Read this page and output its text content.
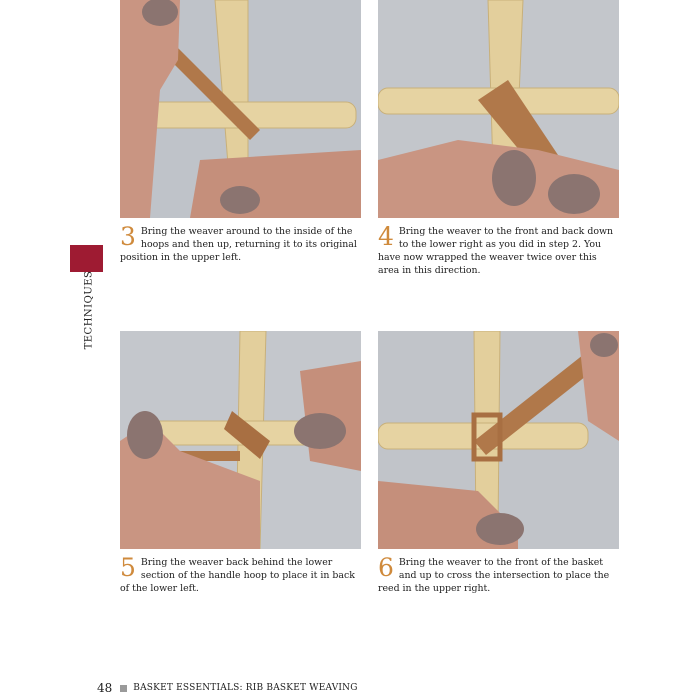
TECHNIQUES
3 Bring the weaver around to the inside of the hoops and then up, returning it to its original position in the upper left.
4 Bring the weaver to the front and back down to the lower right as you did in step 2. You have now wrapped the weaver twice over this area in this direction.
5 Bring the weaver back behind the lower section of the handle hoop to place it in back of the lower left.
6 Bring the weaver to the front of the basket and up to cross the intersection to place the reed in the upper right.
48 BASKET ESSENTIALS: RIB BASKET WEAVING
